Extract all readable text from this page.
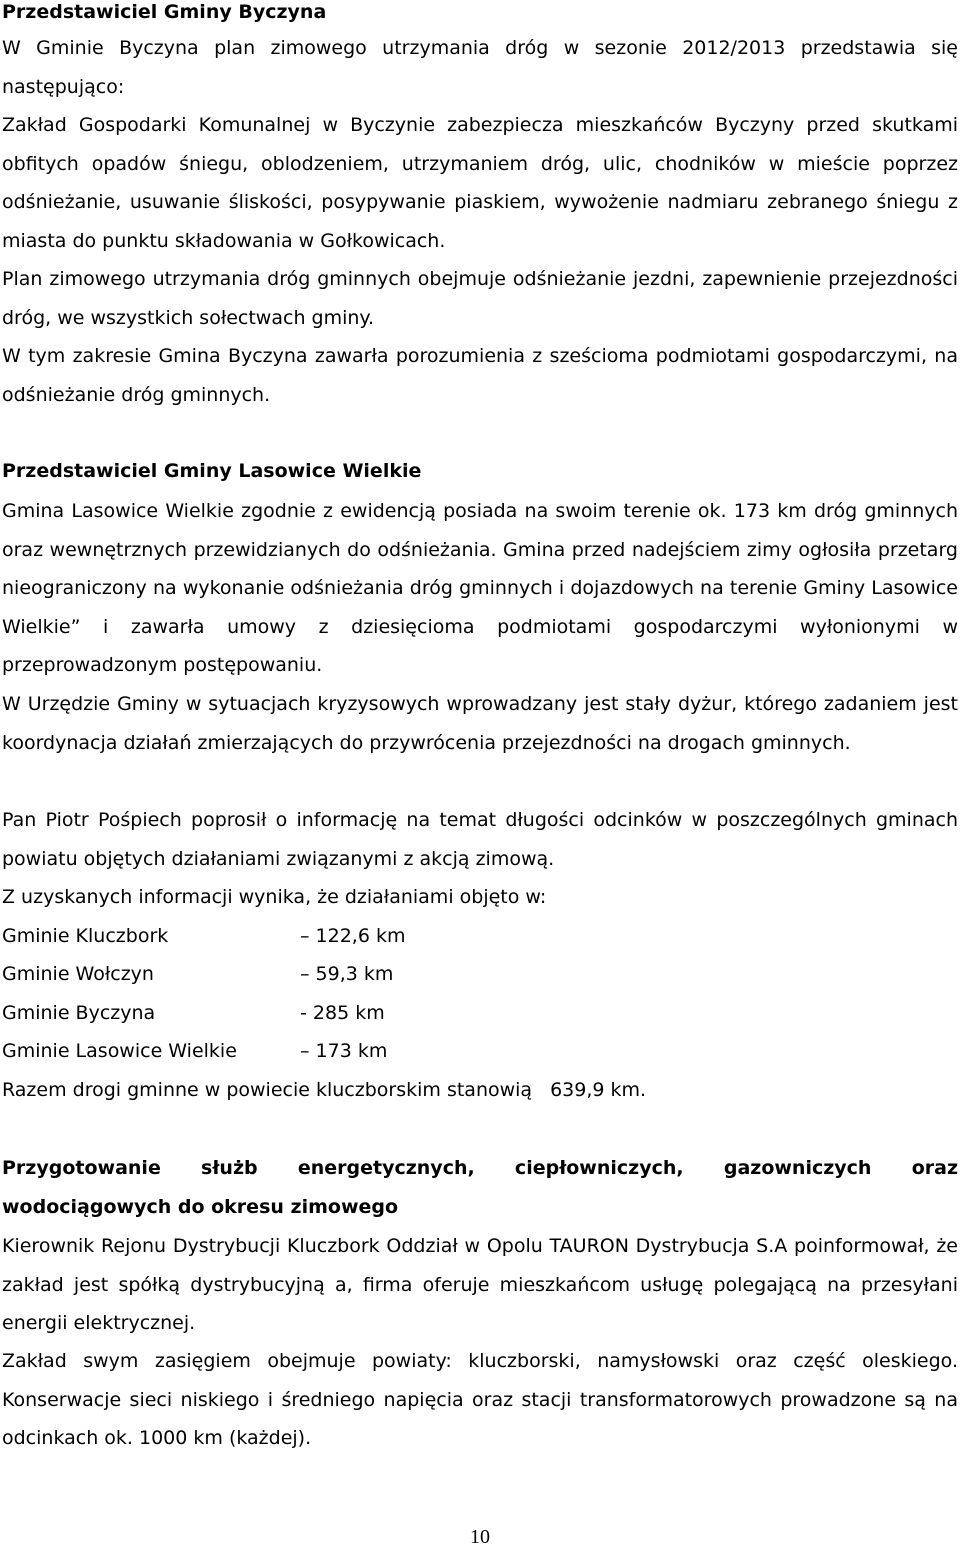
Przedstawiciel Gminy Byczyna

W Gminie Byczyna plan zimowego utrzymania dróg w sezonie 2012/2013 przedstawia się następująco:

Zakład Gospodarki Komunalnej w Byczynie zabezpiecza mieszkańców Byczyny przed skutkami obfitych opadów śniegu, oblodzeniem, utrzymaniem dróg, ulic, chodników w mieście poprzez odśnieżanie, usuwanie śliskości, posypywanie piaskiem, wywożenie nadmiaru zebranego śniegu z miasta do punktu składowania w Gołkowicach.

Plan zimowego utrzymania dróg gminnych obejmuje odśnieżanie jezdni, zapewnienie przejezdności dróg, we wszystkich sołectwach gminy.

W tym zakresie Gmina Byczyna zawarła porozumienia z sześcioma podmiotami gospodarczymi, na odśnieżanie dróg gminnych.

Przedstawiciel Gminy Lasowice Wielkie

Gmina Lasowice Wielkie zgodnie z ewidencją posiada na swoim terenie ok. 173 km dróg gminnych oraz wewnętrznych przewidzianych do odśnieżania. Gmina przed nadejściem zimy ogłosiła przetarg nieograniczony na wykonanie odśnieżania dróg gminnych i dojazdowych na terenie Gminy Lasowice Wielkie” i zawarła umowy z dziesięcioma podmiotami gospodarczymi wyłonionymi w przeprowadzonym postępowaniu.

W Urzędzie Gminy w sytuacjach kryzysowych wprowadzany jest stały dyżur, którego zadaniem jest koordynacja działań zmierzających do przywrócenia przejezdności na drogach gminnych.

Pan Piotr Pośpiech poprosił o informację na temat długości odcinków w poszczególnych gminach powiatu objętych działaniami związanymi z akcją zimową.

Z uzyskanych informacji wynika, że działaniami objęto w:

Gminie Kluczbork	– 122,6 km
Gminie Wołczyn	– 59,3 km
Gminie Byczyna	- 285 km
Gminie Lasowice Wielkie	– 173 km
Razem drogi gminne w powiecie kluczborskim stanowią 639,9 km.
Przygotowanie służb energetycznych, ciepłowniczych, gazowniczych oraz wodociągowych do okresu zimowego

Kierownik Rejonu Dystrybucji Kluczbork Oddział w Opolu TAURON Dystrybucja S.A poinformował, że zakład jest spółką dystrybucyjną a, firma oferuje mieszkańcom usługę polegającą na przesyłani energii elektrycznej.

Zakład swym zasięgiem obejmuje powiaty: kluczborski, namysłowski oraz część oleskiego. Konserwacje sieci niskiego i średniego napięcia oraz stacji transformatorowych prowadzone są na odcinkach ok. 1000 km (każdej).

10
